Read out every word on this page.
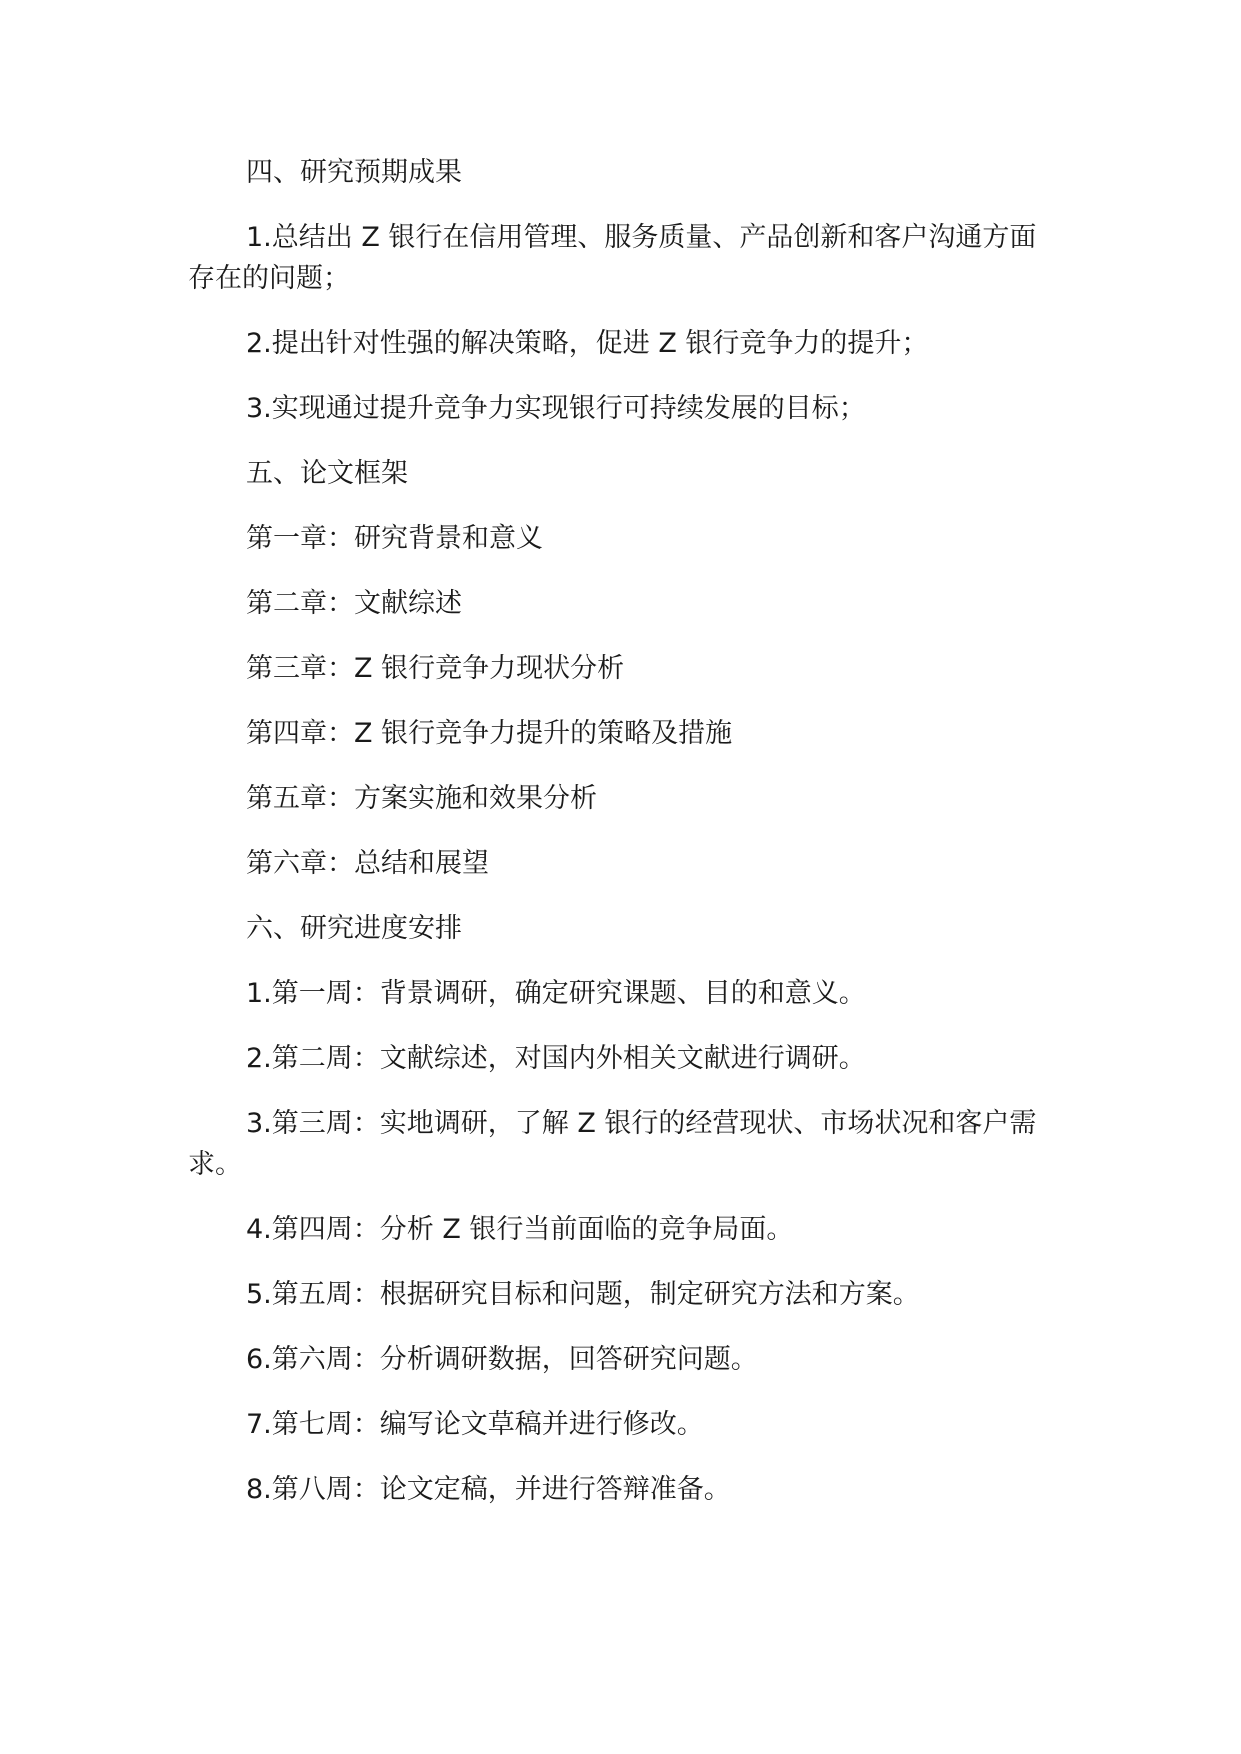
四、研究预期成果

1.总结出 Z 银行在信用管理、服务质量、产品创新和客户沟通方面存在的问题；

2.提出针对性强的解决策略，促进 Z 银行竞争力的提升；

3.实现通过提升竞争力实现银行可持续发展的目标；

五、论文框架

第一章：研究背景和意义

第二章：文献综述

第三章：Z 银行竞争力现状分析

第四章：Z 银行竞争力提升的策略及措施

第五章：方案实施和效果分析

第六章：总结和展望

六、研究进度安排

1.第一周：背景调研，确定研究课题、目的和意义。

2.第二周：文献综述，对国内外相关文献进行调研。

3.第三周：实地调研，了解 Z 银行的经营现状、市场状况和客户需求。

4.第四周：分析 Z 银行当前面临的竞争局面。

5.第五周：根据研究目标和问题，制定研究方法和方案。

6.第六周：分析调研数据，回答研究问题。

7.第七周：编写论文草稿并进行修改。

8.第八周：论文定稿，并进行答辩准备。
